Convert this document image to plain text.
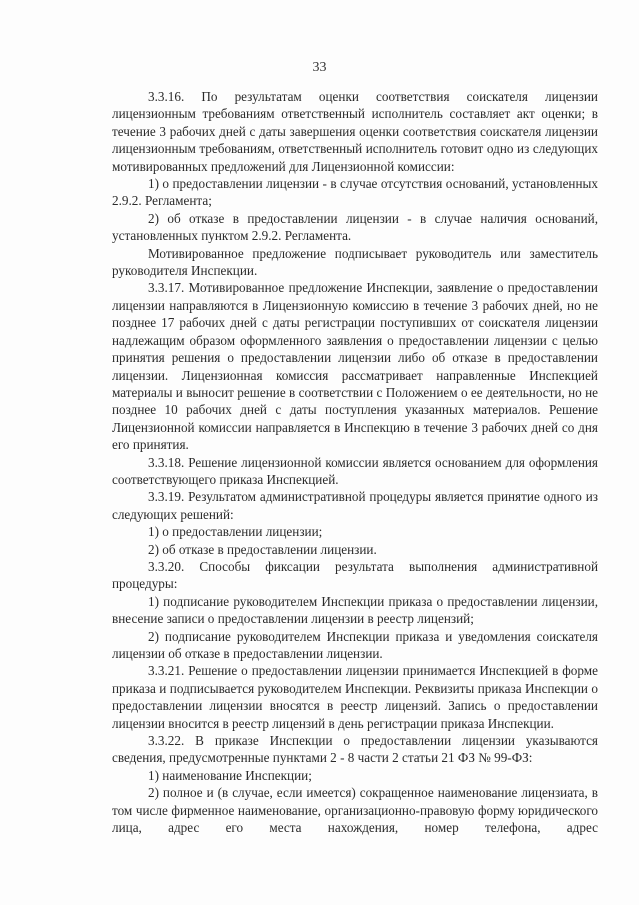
33

3.3.16. По результатам оценки соответствия соискателя лицензии лицензионным требованиям ответственный исполнитель составляет акт оценки; в течение 3 рабочих дней с даты завершения оценки соответствия соискателя лицензии лицензионным требованиям, ответственный исполнитель готовит одно из следующих мотивированных предложений для Лицензионной комиссии:

1) о предоставлении лицензии - в случае отсутствия оснований, установленных 2.9.2. Регламента;

2) об отказе в предоставлении лицензии - в случае наличия оснований, установленных пунктом 2.9.2. Регламента.

Мотивированное предложение подписывает руководитель или заместитель руководителя Инспекции.

3.3.17. Мотивированное предложение Инспекции, заявление о предоставлении лицензии направляются в Лицензионную комиссию в течение 3 рабочих дней, но не позднее 17 рабочих дней с даты регистрации поступивших от соискателя лицензии надлежащим образом оформленного заявления о предоставлении лицензии с целью принятия решения о предоставлении лицензии либо об отказе в предоставлении лицензии. Лицензионная комиссия рассматривает направленные Инспекцией материалы и выносит решение в соответствии с Положением о ее деятельности, но не позднее 10 рабочих дней с даты поступления указанных материалов. Решение Лицензионной комиссии направляется в Инспекцию в течение 3 рабочих дней со дня его принятия.

3.3.18. Решение лицензионной комиссии является основанием для оформления соответствующего приказа Инспекцией.

3.3.19. Результатом административной процедуры является принятие одного из следующих решений:

1) о предоставлении лицензии;

2) об отказе в предоставлении лицензии.

3.3.20. Способы фиксации результата выполнения административной процедуры:

1) подписание руководителем Инспекции приказа о предоставлении лицензии, внесение записи о предоставлении лицензии в реестр лицензий;

2) подписание руководителем Инспекции приказа и уведомления соискателя лицензии об отказе в предоставлении лицензии.

3.3.21. Решение о предоставлении лицензии принимается Инспекцией в форме приказа и подписывается руководителем Инспекции. Реквизиты приказа Инспекции о предоставлении лицензии вносятся в реестр лицензий. Запись о предоставлении лицензии вносится в реестр лицензий в день регистрации приказа Инспекции.

3.3.22. В приказе Инспекции о предоставлении лицензии указываются сведения, предусмотренные пунктами 2 - 8 части 2 статьи 21 ФЗ № 99-ФЗ:

1) наименование Инспекции;

2) полное и (в случае, если имеется) сокращенное наименование лицензиата, в том числе фирменное наименование, организационно-правовую форму юридического лица, адрес его места нахождения, номер телефона, адрес
